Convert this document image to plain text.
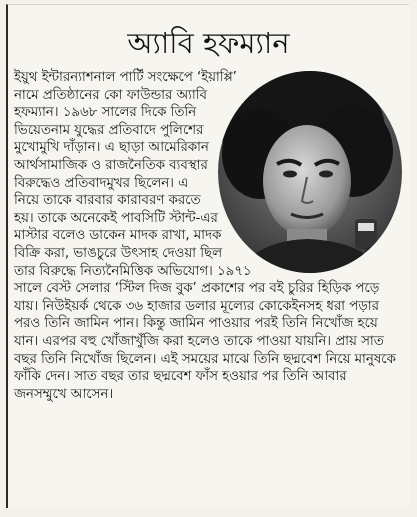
অ্যাবি হফম্যান
ইয়ুথ ইন্টারন্যাশনাল পার্টি সংক্ষেপে ‘ইয়াপ্পি’ নামে প্রতিষ্ঠানের কো ফাউন্ডার অ্যাবি হফম্যান। ১৯৬৮ সালের দিকে তিনি ভিয়েতনাম যুদ্ধের প্রতিবাদে পুলিশের মুখোমুখি দাঁড়ান। এ ছাড়া আমেরিকান আর্থসামাজিক ও রাজনৈতিক ব্যবস্থার বিরুদ্ধেও প্রতিবাদমুখর ছিলেন। এ নিয়ে তাকে বারবার কারাবরণ করতে হয়। তাকে অনেকেই পাবসিটি স্টান্ট-এর মাস্টার বলেও ডাকেন মাদক রাখা, মাদক বিক্রি করা, ভাঙচুরে উৎসাহ দেওয়া ছিল তার বিরুদ্ধে নিত্যনৈমিত্তিক অভিযোগ। ১৯৭১ সালে বেস্ট সেলার ‘স্টিল দিজ বুক’ প্রকাশের পর বই চুরির হিড়িক পড়ে যায়। নিউইয়র্ক থেকে ৩৬ হাজার ডলার মূল্যের কোকেইনসহ ধরা পড়ার পরও তিনি জামিন পান। কিন্তু জামিন পাওয়ার পরই তিনি নিখোঁজ হয়ে যান। এরপর বহু খোঁজাখুঁজি করা হলেও তাকে পাওয়া যায়নি। প্রায় সাত বছর তিনি নিখোঁজ ছিলেন। এই সময়ের মাঝে তিনি ছদ্মবেশ নিয়ে মানুষকে ফাঁকি দেন। সাত বছর তার ছদ্মবেশ ফাঁস হওয়ার পর তিনি আবার জনসম্মুখে আসেন।
